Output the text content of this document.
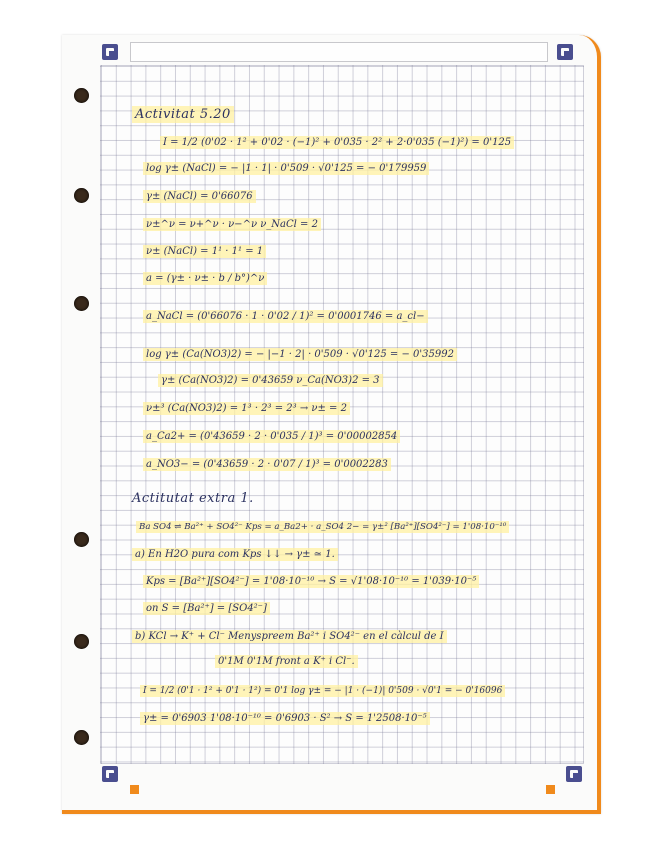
Activitat 5.20
I = 1/2 (0'02 · 1² + 0'02 · (−1)² + 0'035 · 2² + 2·0'035 (−1)²) = 0'125
log γ± (NaCl) = − |1 · 1| · 0'509 · √0'125 = − 0'179959
γ± (NaCl) = 0'66076
ν±^ν = ν+^ν · ν−^ν ν_NaCl = 2
ν± (NaCl) = 1¹ · 1¹ = 1
a = (γ± · ν± · b / b°)^ν
a_NaCl = (0'66076 · 1 · 0'02 / 1)² = 0'0001746 = a_cl−
log γ± (Ca(NO3)2) = − |−1 · 2| · 0'509 · √0'125 = − 0'35992
γ± (Ca(NO3)2) = 0'43659 ν_Ca(NO3)2 = 3
ν±³ (Ca(NO3)2) = 1³ · 2³ = 2³ → ν± = 2
a_Ca2+ = (0'43659 · 2 · 0'035 / 1)³ = 0'00002854
a_NO3− = (0'43659 · 2 · 0'07 / 1)³ = 0'0002283
Actitutat extra 1.
Ba SO4 ⇌ Ba²⁺ + SO4²⁻ Kps = a_Ba2+ · a_SO4 2− = γ±² [Ba²⁺][SO4²⁻] = 1'08·10⁻¹⁰
a) En H2O pura com Kps ↓↓ → γ± ≃ 1.
Kps = [Ba²⁺][SO4²⁻] = 1'08·10⁻¹⁰ → S = √1'08·10⁻¹⁰ = 1'039·10⁻⁵
on S = [Ba²⁺] = [SO4²⁻]
b) KCl → K⁺ + Cl⁻ Menyspreem Ba²⁺ i SO4²⁻ en el càlcul de I
0'1M 0'1M front a K⁺ i Cl⁻.
I = 1/2 (0'1 · 1² + 0'1 · 1²) = 0'1 log γ± = − |1 · (−1)| 0'509 · √0'1 = − 0'16096
γ± = 0'6903 1'08·10⁻¹⁰ = 0'6903 · S² → S = 1'2508·10⁻⁵
